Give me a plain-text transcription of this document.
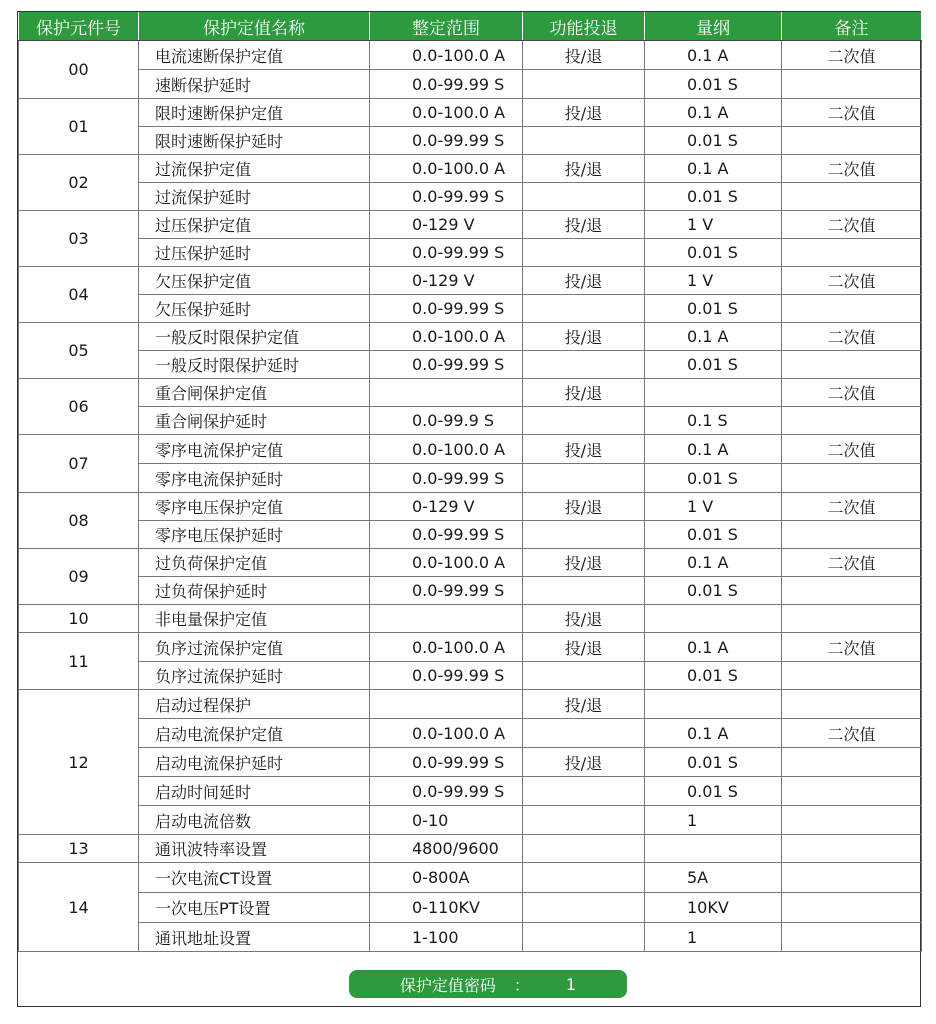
保护元件号	保护定值名称	整定范围	功能投退	量纲	备注
00	电流速断保护定值	0.0-100.0 A	投/退	0.1 A	二次值
	速断保护延时	0.0-99.99 S		0.01 S	
01	限时速断保护定值	0.0-100.0 A	投/退	0.1 A	二次值
	限时速断保护延时	0.0-99.99 S		0.01 S	
02	过流保护定值	0.0-100.0 A	投/退	0.1 A	二次值
	过流保护延时	0.0-99.99 S		0.01 S	
03	过压保护定值	0-129 V	投/退	1 V	二次值
	过压保护延时	0.0-99.99 S		0.01 S	
04	欠压保护定值	0-129 V	投/退	1 V	二次值
	欠压保护延时	0.0-99.99 S		0.01 S	
05	一般反时限保护定值	0.0-100.0 A	投/退	0.1 A	二次值
	一般反时限保护延时	0.0-99.99 S		0.01 S	
06	重合闸保护定值		投/退		二次值
	重合闸保护延时	0.0-99.9 S		0.1 S	
07	零序电流保护定值	0.0-100.0 A	投/退	0.1 A	二次值
	零序电流保护延时	0.0-99.99 S		0.01 S	
08	零序电压保护定值	0-129 V	投/退	1 V	二次值
	零序电压保护延时	0.0-99.99 S		0.01 S	
09	过负荷保护定值	0.0-100.0 A	投/退	0.1 A	二次值
	过负荷保护延时	0.0-99.99 S		0.01 S	
10	非电量保护定值		投/退		
11	负序过流保护定值	0.0-100.0 A	投/退	0.1 A	二次值
	负序过流保护延时	0.0-99.99 S		0.01 S	
12	启动过程保护		投/退		
	启动电流保护定值	0.0-100.0 A		0.1 A	二次值
	启动电流保护延时	0.0-99.99 S	投/退	0.01 S	
	启动时间延时	0.0-99.99 S		0.01 S	
	启动电流倍数	0-10		1	
13	通讯波特率设置	4800/9600			
14	一次电流CT设置	0-800A		5A	
	一次电压PT设置	0-110KV		10KV	
	通讯地址设置	1-100		1	
保护定值密码 ： 1
